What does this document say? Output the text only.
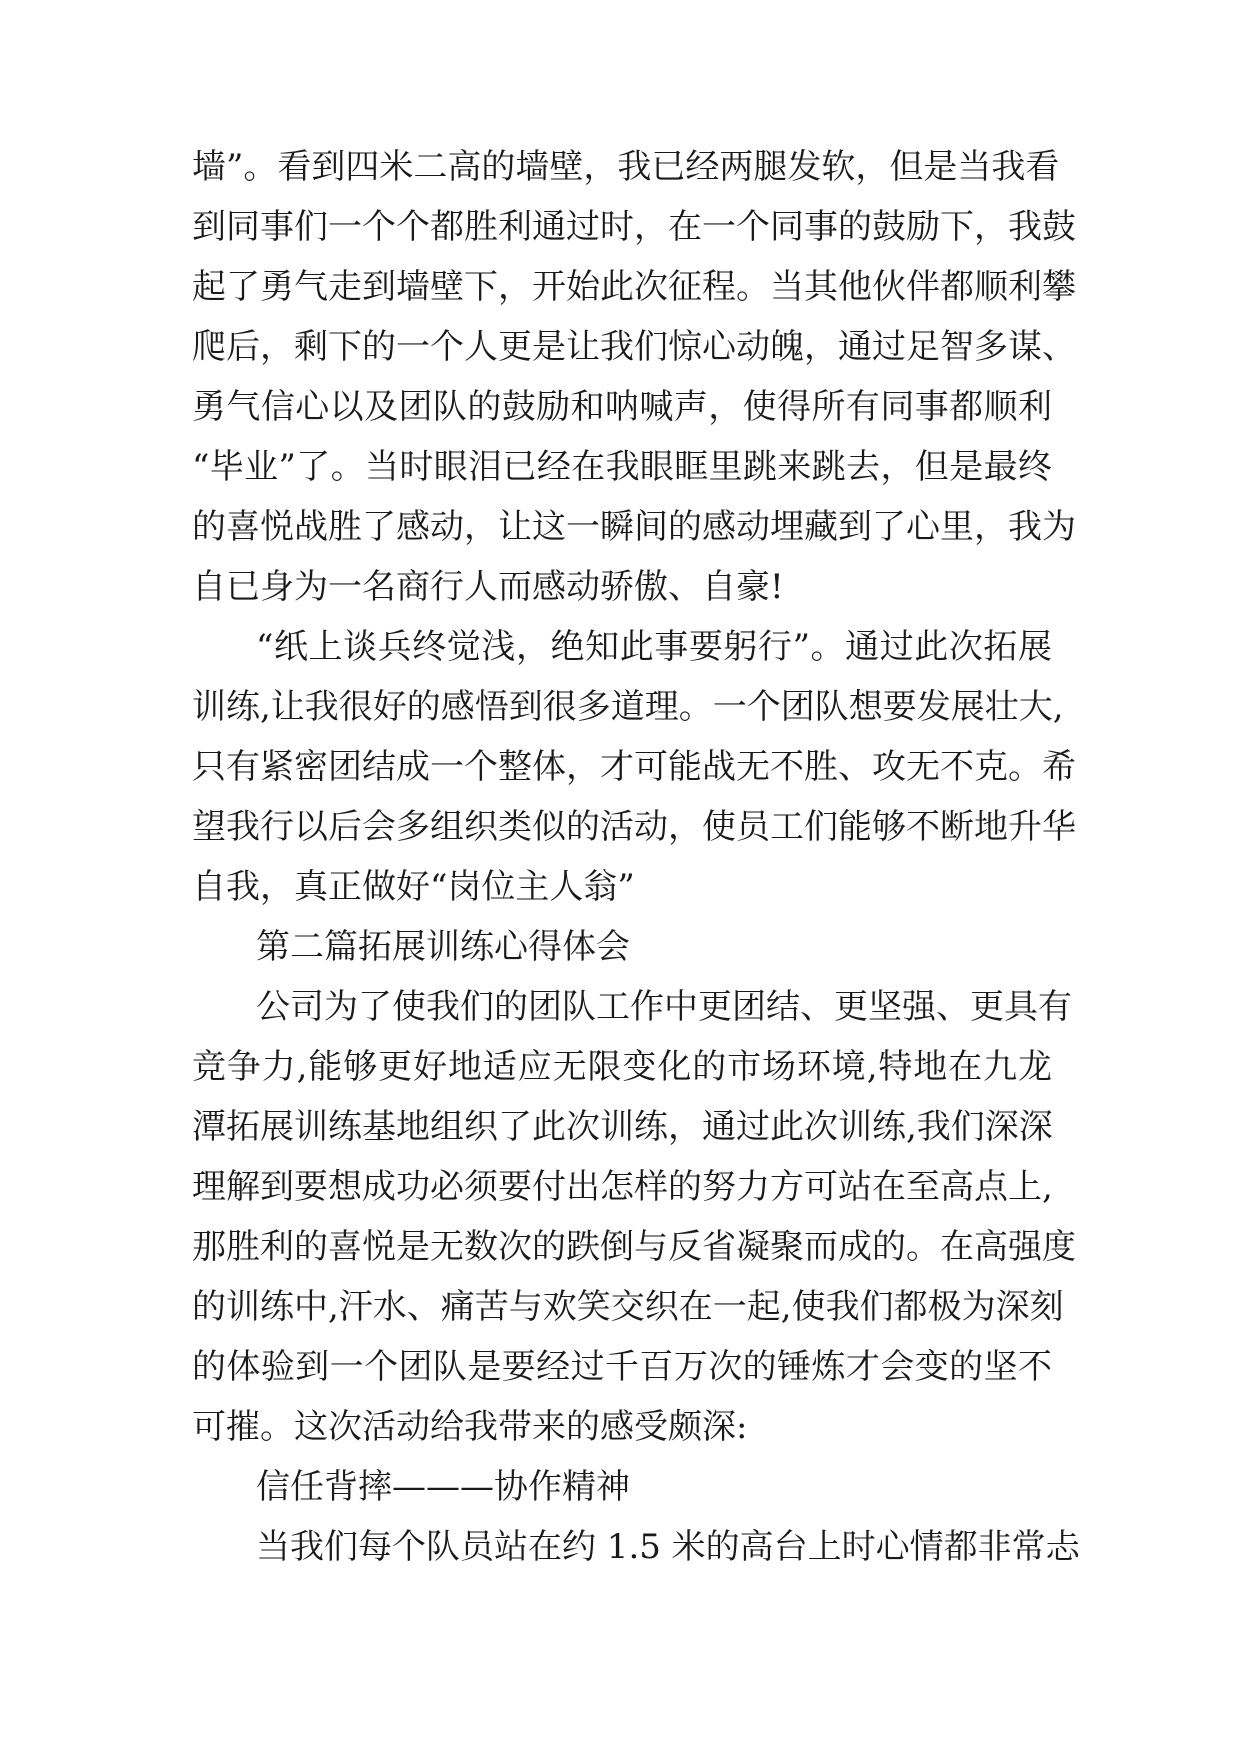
墙”。看到四米二高的墙壁，我已经两腿发软，但是当我看
到同事们一个个都胜利通过时，在一个同事的鼓励下，我鼓
起了勇气走到墙壁下，开始此次征程。当其他伙伴都顺利攀
爬后，剩下的一个人更是让我们惊心动魄，通过足智多谋、
勇气信心以及团队的鼓励和呐喊声，使得所有同事都顺利
“毕业”了。当时眼泪已经在我眼眶里跳来跳去，但是最终
的喜悦战胜了感动，让这一瞬间的感动埋藏到了心里，我为
自已身为一名商行人而感动骄傲、自豪!
“纸上谈兵终觉浅，绝知此事要躬行”。通过此次拓展
训练,让我很好的感悟到很多道理。一个团队想要发展壮大,
只有紧密团结成一个整体，才可能战无不胜、攻无不克。希
望我行以后会多组织类似的活动，使员工们能够不断地升华
自我，真正做好“岗位主人翁”
第二篇拓展训练心得体会
公司为了使我们的团队工作中更团结、更坚强、更具有
竞争力,能够更好地适应无限变化的市场环境,特地在九龙
潭拓展训练基地组织了此次训练，通过此次训练,我们深深
理解到要想成功必须要付出怎样的努力方可站在至高点上,
那胜利的喜悦是无数次的跌倒与反省凝聚而成的。在高强度
的训练中,汗水、痛苦与欢笑交织在一起,使我们都极为深刻
的体验到一个团队是要经过千百万次的锤炼才会变的坚不
可摧。这次活动给我带来的感受颇深:
信任背摔———协作精神
当我们每个队员站在约 1.5 米的高台上时心情都非常忐
